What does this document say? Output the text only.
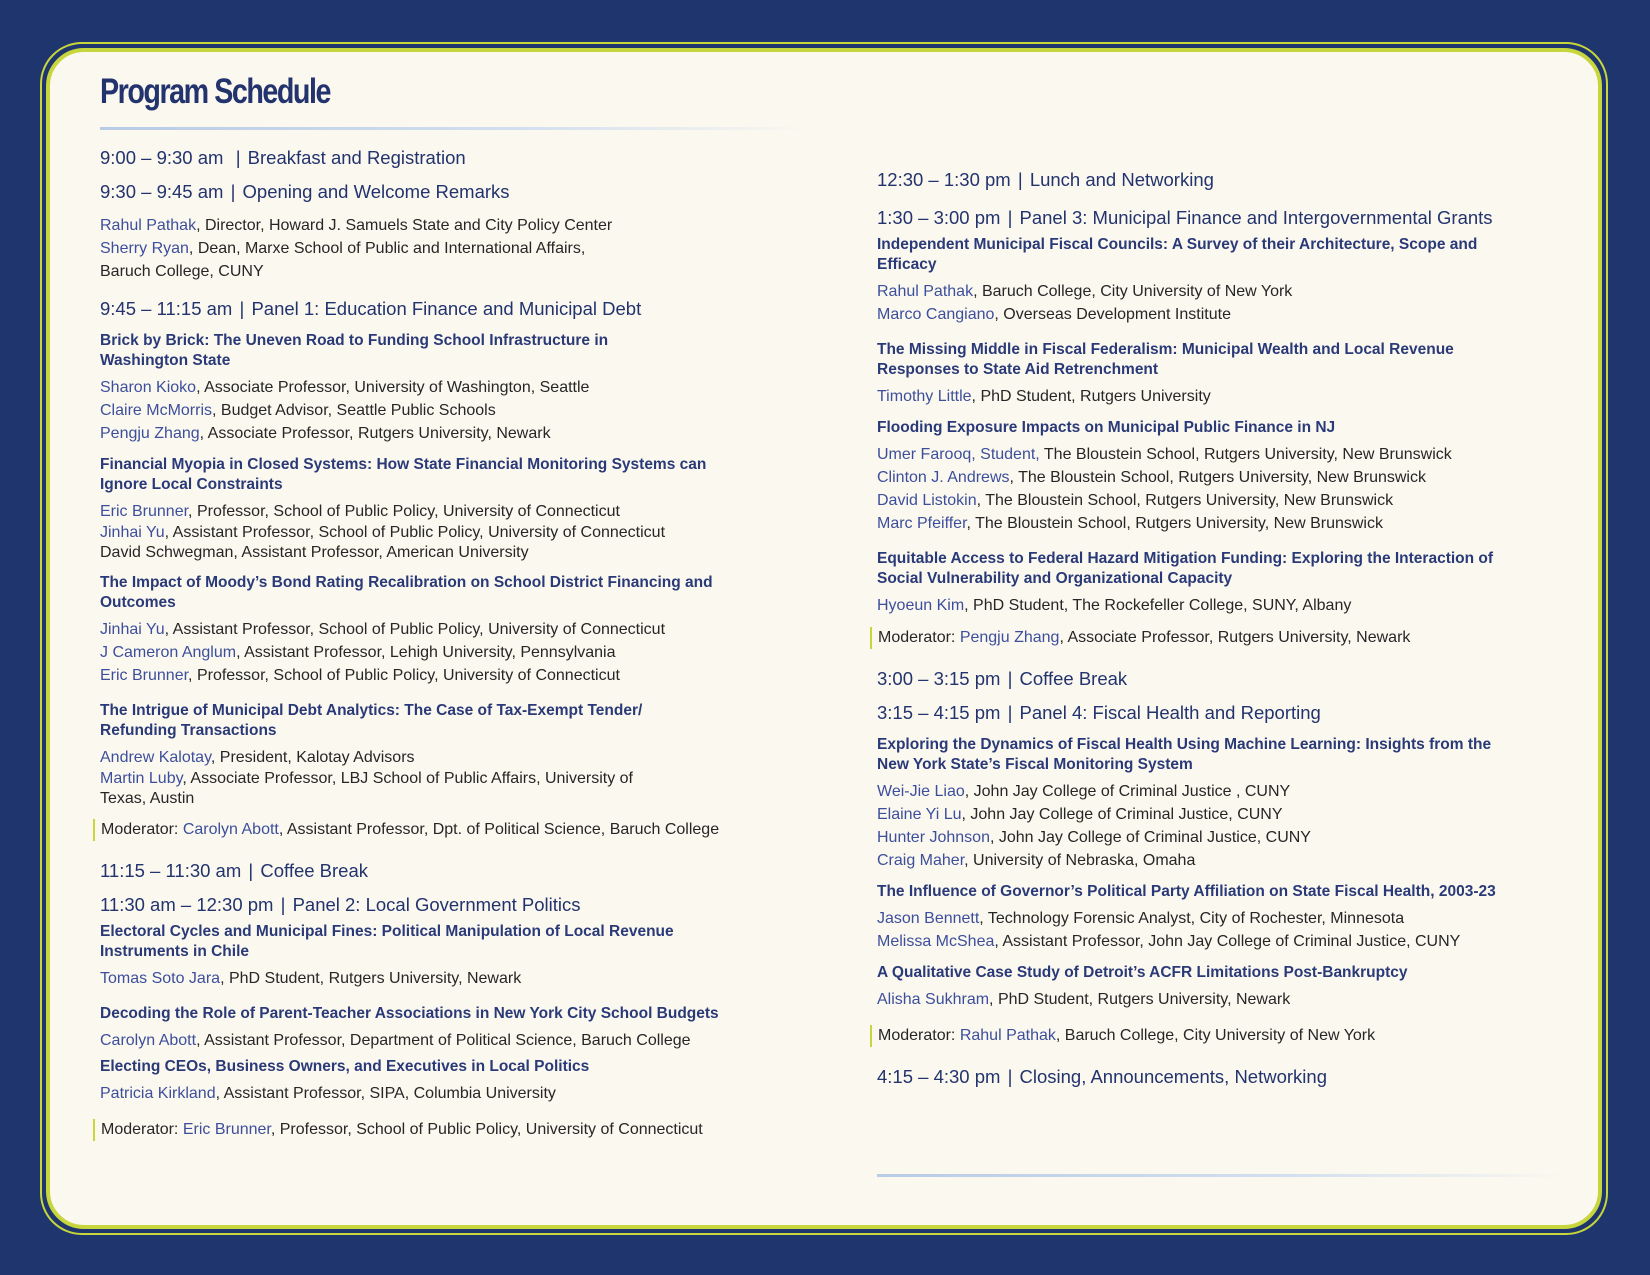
Program Schedule
9:00 – 9:30 am | Breakfast and Registration
9:30 – 9:45 am | Opening and Welcome Remarks
Rahul Pathak, Director, Howard J. Samuels State and City Policy Center
Sherry Ryan, Dean, Marxe School of Public and International Affairs,
Baruch College, CUNY
9:45 – 11:15 am | Panel 1: Education Finance and Municipal Debt
Brick by Brick: The Uneven Road to Funding School Infrastructure in Washington State
Sharon Kioko, Associate Professor, University of Washington, Seattle
Claire McMorris, Budget Advisor, Seattle Public Schools
Pengju Zhang, Associate Professor, Rutgers University, Newark
Financial Myopia in Closed Systems: How State Financial Monitoring Systems can Ignore Local Constraints
Eric Brunner, Professor, School of Public Policy, University of Connecticut
Jinhai Yu, Assistant Professor, School of Public Policy, University of Connecticut
David Schwegman, Assistant Professor, American University
The Impact of Moody’s Bond Rating Recalibration on School District Financing and Outcomes
Jinhai Yu, Assistant Professor, School of Public Policy, University of Connecticut
J Cameron Anglum, Assistant Professor, Lehigh University, Pennsylvania
Eric Brunner, Professor, School of Public Policy, University of Connecticut
The Intrigue of Municipal Debt Analytics: The Case of Tax-Exempt Tender/ Refunding Transactions
Andrew Kalotay, President, Kalotay Advisors
Martin Luby, Associate Professor, LBJ School of Public Affairs, University of
Texas, Austin
Moderator: Carolyn Abott, Assistant Professor, Dpt. of Political Science, Baruch College
11:15 – 11:30 am | Coffee Break
11:30 am – 12:30 pm | Panel 2: Local Government Politics
Electoral Cycles and Municipal Fines: Political Manipulation of Local Revenue Instruments in Chile
Tomas Soto Jara, PhD Student, Rutgers University, Newark
Decoding the Role of Parent-Teacher Associations in New York City School Budgets
Carolyn Abott, Assistant Professor, Department of Political Science, Baruch College
Electing CEOs, Business Owners, and Executives in Local Politics
Patricia Kirkland, Assistant Professor, SIPA, Columbia University
Moderator: Eric Brunner, Professor, School of Public Policy, University of Connecticut
12:30 – 1:30 pm | Lunch and Networking
1:30 – 3:00 pm | Panel 3: Municipal Finance and Intergovernmental Grants
Independent Municipal Fiscal Councils: A Survey of their Architecture, Scope and Efficacy
Rahul Pathak, Baruch College, City University of New York
Marco Cangiano, Overseas Development Institute
The Missing Middle in Fiscal Federalism: Municipal Wealth and Local Revenue Responses to State Aid Retrenchment
Timothy Little, PhD Student, Rutgers University
Flooding Exposure Impacts on Municipal Public Finance in NJ
Umer Farooq, Student, The Bloustein School, Rutgers University, New Brunswick
Clinton J. Andrews, The Bloustein School, Rutgers University, New Brunswick
David Listokin, The Bloustein School, Rutgers University, New Brunswick
Marc Pfeiffer, The Bloustein School, Rutgers University, New Brunswick
Equitable Access to Federal Hazard Mitigation Funding: Exploring the Interaction of Social Vulnerability and Organizational Capacity
Hyoeun Kim, PhD Student, The Rockefeller College, SUNY, Albany
Moderator: Pengju Zhang, Associate Professor, Rutgers University, Newark
3:00 – 3:15 pm | Coffee Break
3:15 – 4:15 pm | Panel 4: Fiscal Health and Reporting
Exploring the Dynamics of Fiscal Health Using Machine Learning: Insights from the New York State’s Fiscal Monitoring System
Wei-Jie Liao, John Jay College of Criminal Justice , CUNY
Elaine Yi Lu, John Jay College of Criminal Justice, CUNY
Hunter Johnson, John Jay College of Criminal Justice, CUNY
Craig Maher, University of Nebraska, Omaha
The Influence of Governor’s Political Party Affiliation on State Fiscal Health, 2003-23
Jason Bennett, Technology Forensic Analyst, City of Rochester, Minnesota
Melissa McShea, Assistant Professor, John Jay College of Criminal Justice, CUNY
A Qualitative Case Study of Detroit’s ACFR Limitations Post-Bankruptcy
Alisha Sukhram, PhD Student, Rutgers University, Newark
Moderator: Rahul Pathak, Baruch College, City University of New York
4:15 – 4:30 pm | Closing, Announcements, Networking
